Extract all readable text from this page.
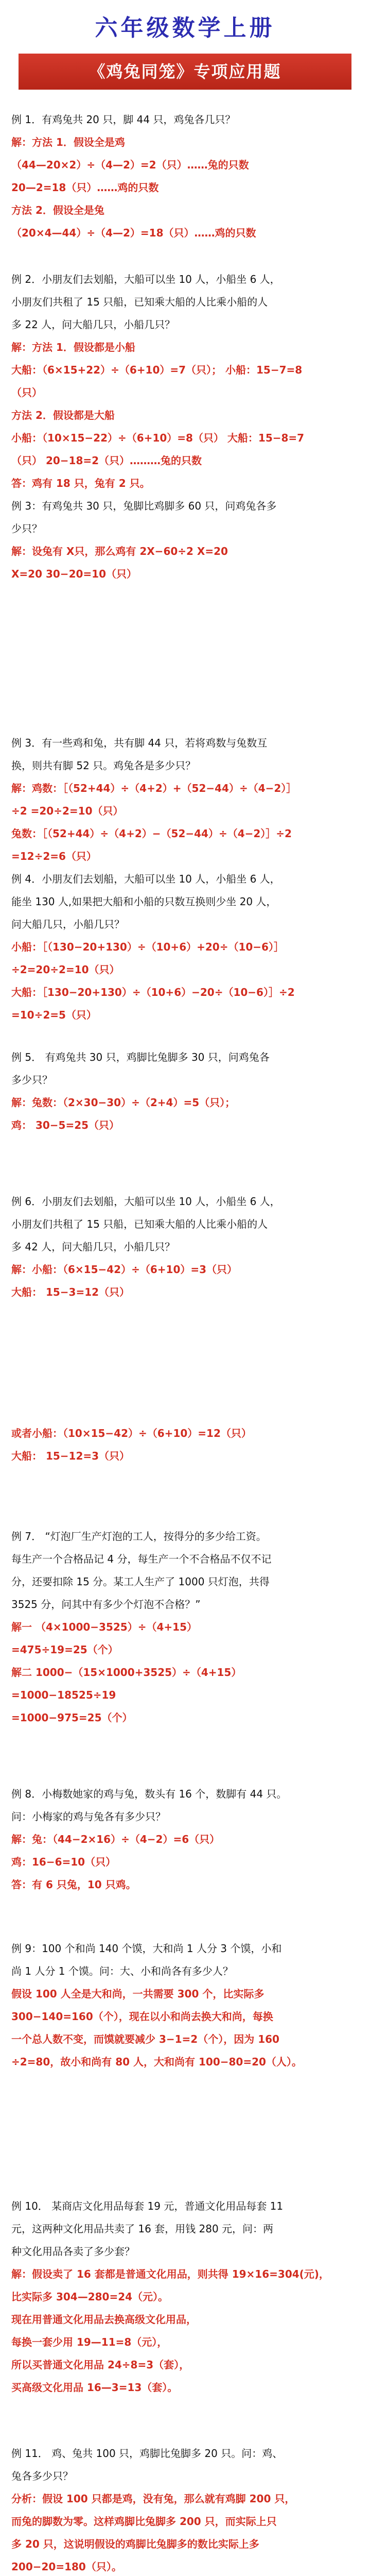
六年级数学上册
《鸡兔同笼》专项应用题

例 1．有鸡兔共 20 只，脚 44 只，鸡兔各几只？

解：方法 1．假设全是鸡

（44—20×2）÷（4—2）=2（只）……兔的只数

20—2=18（只）……鸡的只数

方法 2．假设全是兔

（20×4—44）÷（4—2）=18（只）……鸡的只数

例 2．小朋友们去划船，大船可以坐 10 人，小船坐 6 人，

小朋友们共租了 15 只船，已知乘大船的人比乘小船的人

多 22 人，问大船几只，小船几只？

解：方法 1．假设都是小船

大船：（6×15+22）÷（6+10）=7（只）； 小船：15−7=8

（只）

方法 2．假设都是大船

小船：（10×15−22）÷（6+10）=8（只） 大船：15−8=7

（只） 20−18=2（只）………兔的只数

答：鸡有 18 只，兔有 2 只。

例 3：有鸡兔共 30 只，兔脚比鸡脚多 60 只，问鸡兔各多

少只？

解：设兔有 X只，那么鸡有 2X−60÷2 X=20

X=20 30−20=10（只）

例 3．有一些鸡和兔，共有脚 44 只，若将鸡数与兔数互

换，则共有脚 52 只。鸡兔各是多少只？

解：鸡数：［（52+44）÷（4+2）+（52−44）÷（4−2）］

÷2 =20÷2=10（只）

兔数：［（52+44）÷（4+2）−（52−44）÷（4−2）］÷2

=12÷2=6（只）

例 4．小朋友们去划船，大船可以坐 10 人，小船坐 6 人，

能坐 130 人,如果把大船和小船的只数互换则少坐 20 人，

问大船几只，小船几只？

小船：［（130−20+130）÷（10+6）+20÷（10−6）］

÷2=20÷2=10（只）

大船：［130−20+130）÷（10+6）−20÷（10−6）］÷2

=10÷2=5（只）

例 5． 有鸡兔共 30 只，鸡脚比兔脚多 30 只，问鸡兔各

多少只？

解：兔数：（2×30−30）÷（2+4）=5（只）；

鸡： 30−5=25（只）

例 6．小朋友们去划船，大船可以坐 10 人，小船坐 6 人，

小朋友们共租了 15 只船，已知乘大船的人比乘小船的人

多 42 人，问大船几只，小船几只？

解：小船：（6×15−42）÷（6+10）=3（只）

大船： 15−3=12（只）

或者小船：（10×15−42）÷（6+10）=12（只）

大船： 15−12=3（只）

例 7． “灯泡厂生产灯泡的工人，按得分的多少给工资。

每生产一个合格品记 4 分，每生产一个不合格品不仅不记

分，还要扣除 15 分。某工人生产了 1000 只灯泡，共得

3525 分，问其中有多少个灯泡不合格？”

解一 （4×1000−3525）÷（4+15）

=475÷19=25（个）

解二 1000−（15×1000+3525）÷（4+15）

=1000−18525÷19

=1000−975=25（个）

例 8．小梅数她家的鸡与兔，数头有 16 个，数脚有 44 只。

问：小梅家的鸡与兔各有多少只？

解：兔：（44−2×16）÷（4−2）=6（只）

鸡：16−6=10（只）

答：有 6 只兔，10 只鸡。

例 9：100 个和尚 140 个馍，大和尚 1 人分 3 个馍，小和

尚 1 人分 1 个馍。问：大、小和尚各有多少人？

假设 100 人全是大和尚，一共需要 300 个，比实际多

300−140=160（个），现在以小和尚去换大和尚，每换

一个总人数不变，而馍就要减少 3−1=2（个），因为 160

÷2=80，故小和尚有 80 人，大和尚有 100−80=20（人）。

例 10． 某商店文化用品每套 19 元，普通文化用品每套 11

元，这两种文化用品共卖了 16 套，用钱 280 元，问：两

种文化用品各卖了多少套？

解：假设卖了 16 套都是普通文化用品，则共得 19×16=304(元)，

比实际多 304—280=24（元）。

现在用普通文化用品去换高级文化用品，

每换一套少用 19—11=8（元），

所以买普通文化用品 24÷8=3（套），

买高级文化用品 16—3=13（套）。

例 11． 鸡、兔共 100 只，鸡脚比兔脚多 20 只。问：鸡、

兔各多少只？

分析：假设 100 只都是鸡，没有兔，那么就有鸡脚 200 只，

而兔的脚数为零。这样鸡脚比兔脚多 200 只，而实际上只

多 20 只，这说明假设的鸡脚比兔脚多的数比实际上多

200−20=180（只）。
